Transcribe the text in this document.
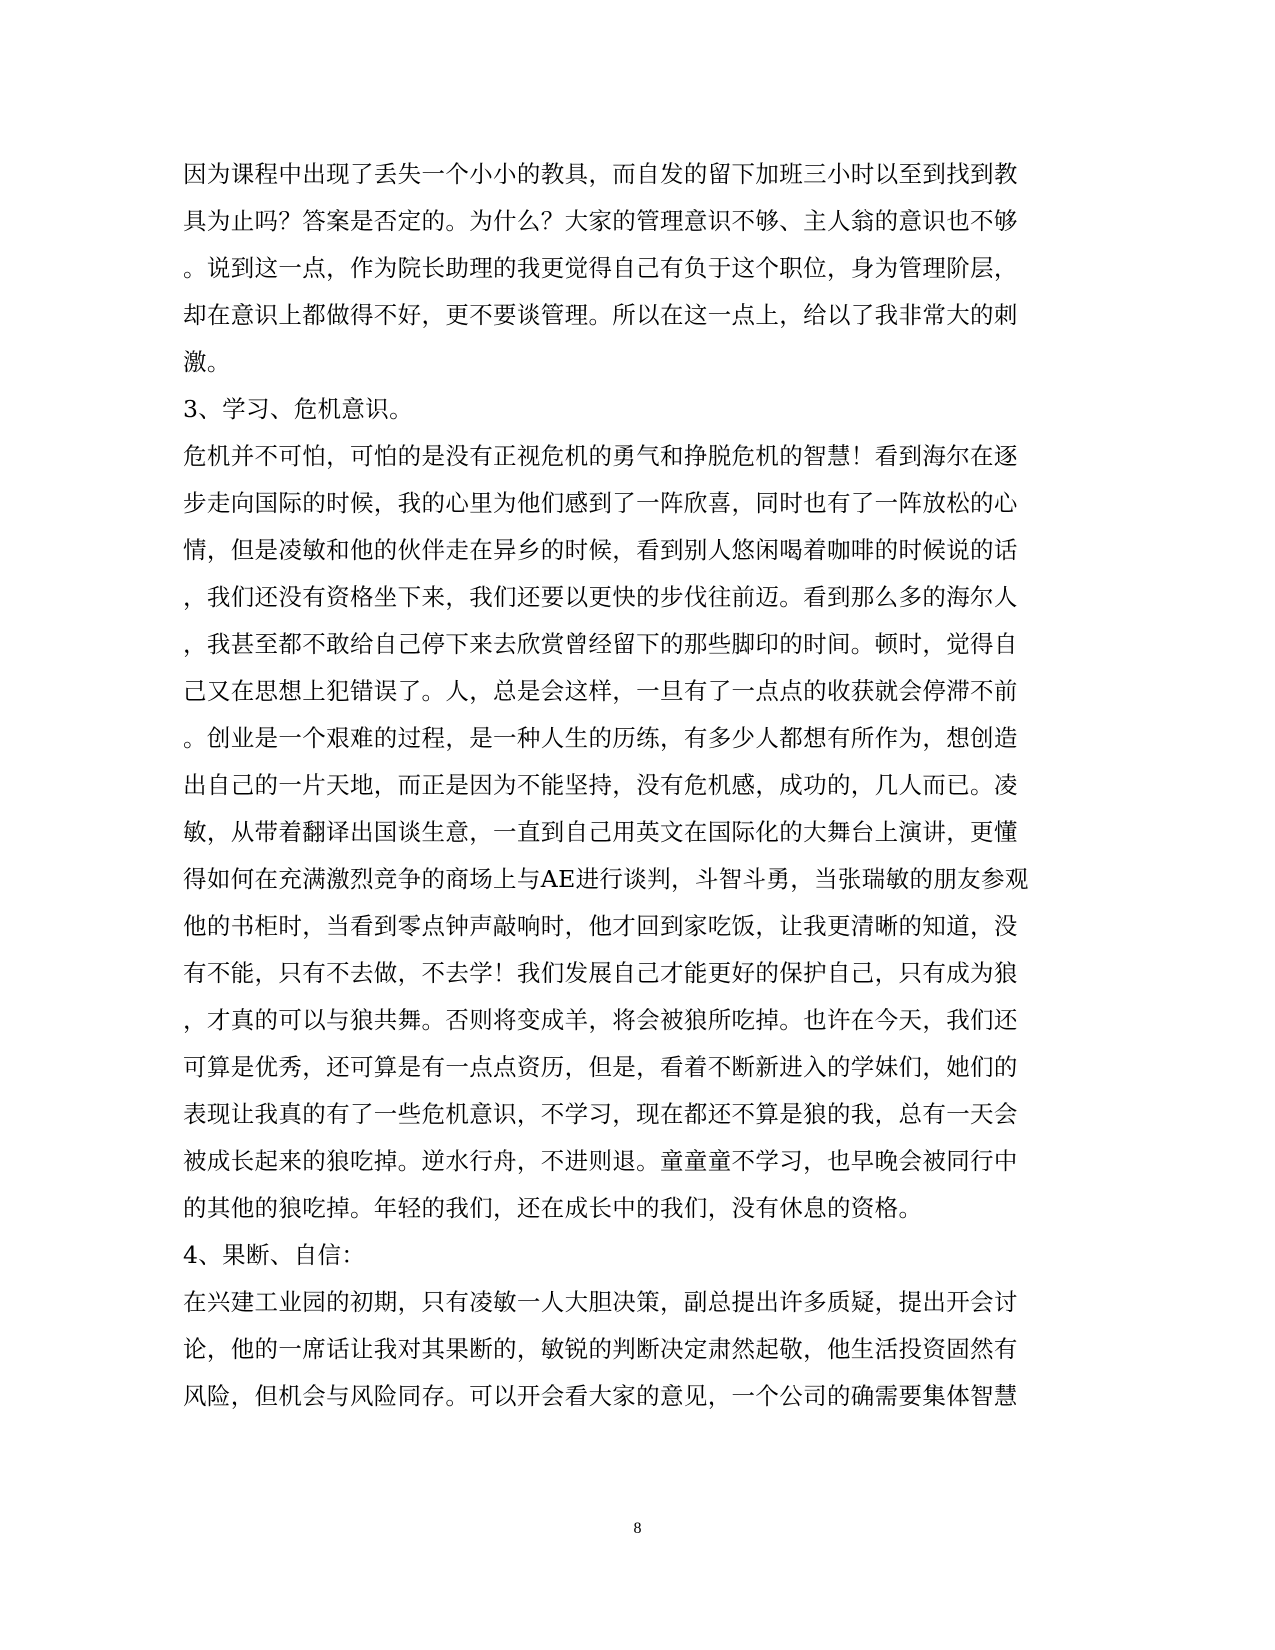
因为课程中出现了丢失一个小小的教具，而自发的留下加班三小时以至到找到教
具为止吗？答案是否定的。为什么？大家的管理意识不够、主人翁的意识也不够
。说到这一点，作为院长助理的我更觉得自己有负于这个职位，身为管理阶层，
却在意识上都做得不好，更不要谈管理。所以在这一点上，给以了我非常大的刺
激。
3、学习、危机意识。
危机并不可怕，可怕的是没有正视危机的勇气和挣脱危机的智慧！看到海尔在逐
步走向国际的时候，我的心里为他们感到了一阵欣喜，同时也有了一阵放松的心
情，但是凌敏和他的伙伴走在异乡的时候，看到别人悠闲喝着咖啡的时候说的话
，我们还没有资格坐下来，我们还要以更快的步伐往前迈。看到那么多的海尔人
，我甚至都不敢给自己停下来去欣赏曾经留下的那些脚印的时间。顿时，觉得自
己又在思想上犯错误了。人，总是会这样，一旦有了一点点的收获就会停滞不前
。创业是一个艰难的过程，是一种人生的历练，有多少人都想有所作为，想创造
出自己的一片天地，而正是因为不能坚持，没有危机感，成功的，几人而已。凌
敏，从带着翻译出国谈生意，一直到自己用英文在国际化的大舞台上演讲，更懂
得如何在充满激烈竞争的商场上与AE进行谈判，斗智斗勇，当张瑞敏的朋友参观
他的书柜时，当看到零点钟声敲响时，他才回到家吃饭，让我更清晰的知道，没
有不能，只有不去做，不去学！我们发展自己才能更好的保护自己，只有成为狼
，才真的可以与狼共舞。否则将变成羊，将会被狼所吃掉。也许在今天，我们还
可算是优秀，还可算是有一点点资历，但是，看着不断新进入的学妹们，她们的
表现让我真的有了一些危机意识，不学习，现在都还不算是狼的我，总有一天会
被成长起来的狼吃掉。逆水行舟，不进则退。童童童不学习，也早晚会被同行中
的其他的狼吃掉。年轻的我们，还在成长中的我们，没有休息的资格。
4、果断、自信：
在兴建工业园的初期，只有凌敏一人大胆决策，副总提出许多质疑，提出开会讨
论，他的一席话让我对其果断的，敏锐的判断决定肃然起敬，他生活投资固然有
风险，但机会与风险同存。可以开会看大家的意见，一个公司的确需要集体智慧
8
